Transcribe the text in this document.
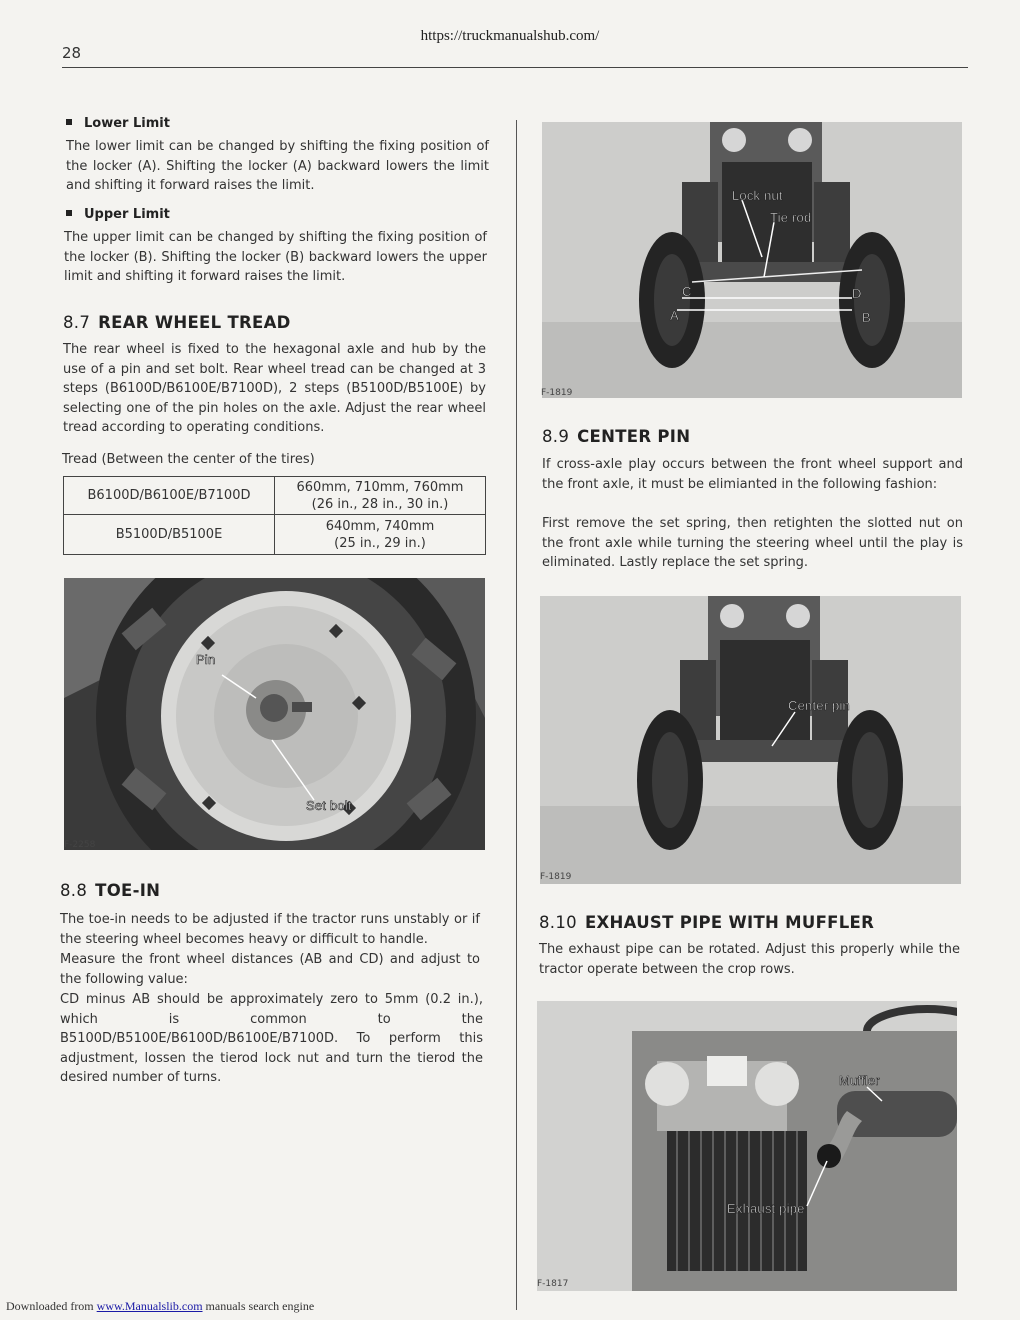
https://truckmanualshub.com/
28
Lower Limit
The lower limit can be changed by shifting the fixing position of the locker (A). Shifting the locker (A) backward lowers the limit and shifting it forward raises the limit.
Upper Limit
The upper limit can be changed by shifting the fixing position of the locker (B). Shifting the locker (B) backward lowers the upper limit and shifting it forward raises the limit.
8.7 REAR WHEEL TREAD
The rear wheel is fixed to the hexagonal axle and hub by the use of a pin and set bolt. Rear wheel tread can be changed at 3 steps (B6100D/B6100E/B7100D), 2 steps (B5100D/B5100E) by selecting one of the pin holes on the axle. Adjust the rear wheel tread according to operating conditions.
Tread (Between the center of the tires)
B6100D/B6100E/B7100D	660mm, 710mm, 760mm
(26 in., 28 in., 30 in.)

B5100D/B5100E	640mm, 740mm
(25 in., 29 in.)
Pin
Set bolt
F-2258
8.8 TOE-IN
The toe-in needs to be adjusted if the tractor runs unstably or if the steering wheel becomes heavy or difficult to handle.
Measure the front wheel distances (AB and CD) and adjust to the following value:
CD minus AB should be approximately zero to 5mm (0.2 in.), which is common to the B5100D/B5100E/B6100D/B6100E/B7100D. To perform this adjustment, lossen the tierod lock nut and turn the tierod the desired number of turns.
Lock nut
Tie rod
C
A
D
B
F-1819
8.9 CENTER PIN
If cross-axle play occurs between the front wheel support and the front axle, it must be elimianted in the following fashion:
First remove the set spring, then retighten the slotted nut on the front axle while turning the steering wheel until the play is eliminated. Lastly replace the set spring.
Center pin
F-1819
8.10 EXHAUST PIPE WITH MUFFLER
The exhaust pipe can be rotated. Adjust this properly while the tractor operate between the crop rows.
Muffler
Exhaust pipe
F-1817
Downloaded from www.Manualslib.com manuals search engine
